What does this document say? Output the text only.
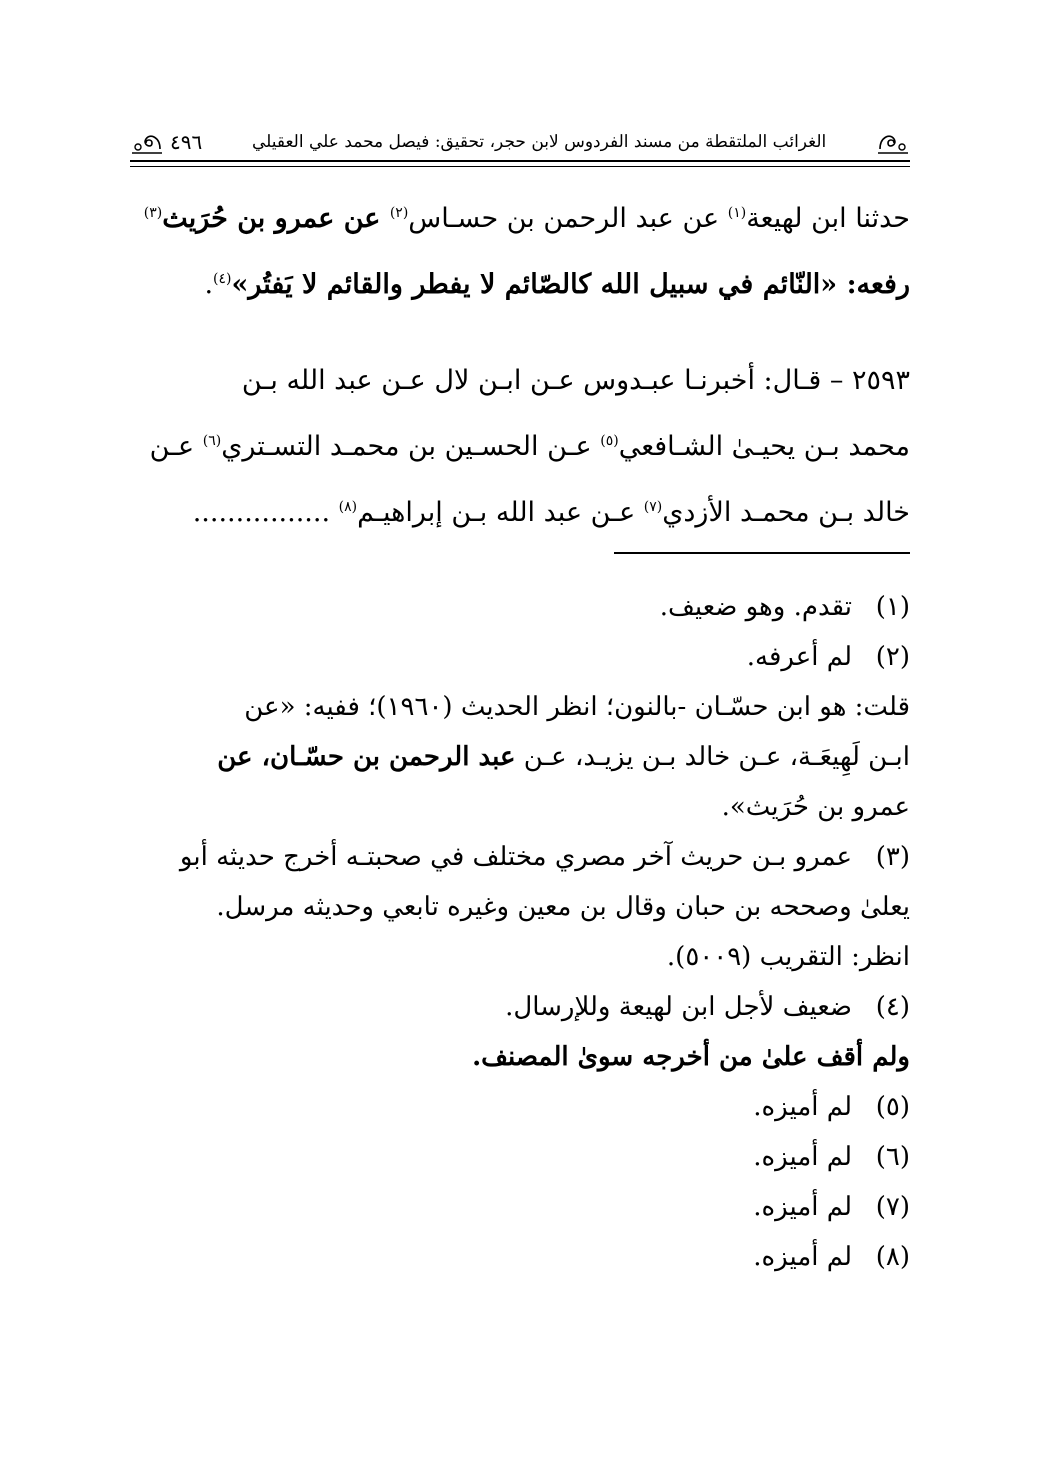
الغرائب الملتقطة من مسند الفردوس لابن حجر، تحقيق: فيصل محمد علي العقيلي
٤٩٦

حدثنا ابن لهيعة$^{(١)}$ عن عبد الرحمن بن حسـاس$^{(٢)}$ عن عمرو بن حُرَيث$^{(٣)}$

رفعه: «النّائم في سبيل الله كالصّائم لا يفطر والقائم لا يَفتُر»$^{(٤)}$.

٢٥٩٣ – قـال: أخبرنـا عبـدوس عـن ابـن لال عـن عبد الله بـن

محمد بـن يحيـىٰ الشـافعي$^{(٥)}$ عـن الحسـين بن محمـد التسـتري$^{(٦)}$ عـن

خالد بـن محمـد الأزدي$^{(٧)}$ عـن عبد الله بـن إبراهيـم$^{(٨)}$ ................

(١)
تقدم. وهو ضعيف.
(٢)
لم أعرفه.
قلت: هو ابن حسّـان -بالنون؛ انظر الحديث (١٩٦٠)؛ ففيه: «عن
ابـن لَهِيعَـة، عـن خالد بـن يزيـد، عـن عبد الرحمن بن حسّـان، عن
عمرو بن حُرَيث».
(٣)
عمرو بـن حريث آخر مصري مختلف في صحبتـه أخرج حديثه أبو
يعلىٰ وصححه بن حبان وقال بن معين وغيره تابعي وحديثه مرسل.
انظر: التقريب (٥٠٠٩).
(٤)
ضعيف لأجل ابن لهيعة وللإرسال.
ولم أقف علىٰ من أخرجه سوىٰ المصنف.
(٥)
لم أميزه.
(٦)
لم أميزه.
(٧)
لم أميزه.
(٨)
لم أميزه.
